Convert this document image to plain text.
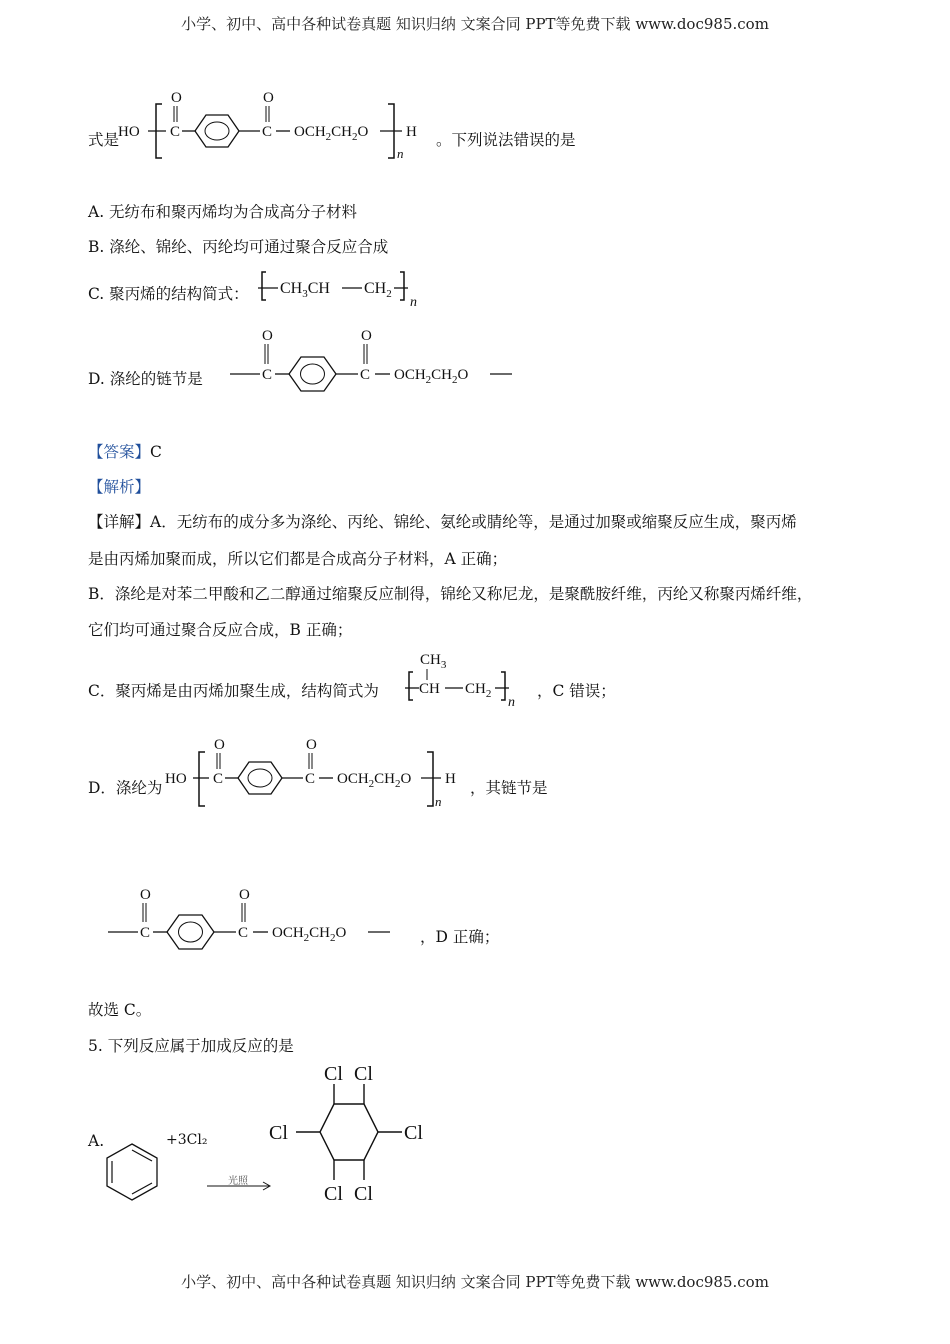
小学、初中、高中各种试卷真题 知识归纳 文案合同 PPT等免费下载 www.doc985.com
式是
HO C
O
C
O
$OCH_2CH_2O$	H
n
。下列说法错误的是
A. 无纺布和聚丙烯均为合成高分子材料
B. 涤纶、锦纶、丙纶均可通过聚合反应合成
C. 聚丙烯的结构简式： $CH_3CH$ $CH_2$
n
D. 涤纶的链节是	C
O
C
O
$OCH_2CH_2O$
【答案】C
【解析】
【详解】A．无纺布的成分多为涤纶、丙纶、锦纶、氨纶或腈纶等，是通过加聚或缩聚反应生成，聚丙烯
是由丙烯加聚而成，所以它们都是合成高分子材料，A 正确；
B．涤纶是对苯二甲酸和乙二醇通过缩聚反应制得，锦纶又称尼龙，是聚酰胺纤维，丙纶又称聚丙烯纤维，
它们均可通过聚合反应合成，B 正确；
C．聚丙烯是由丙烯加聚生成，结构简式为
$CH_3$
CH $CH_2$
n
，C 错误；
D．涤纶为 HO C
O
C
O
$OCH_2CH_2O$ H
n
，其链节是
C
O
C
O
$OCH_2CH_2O$	，D 正确；
故选 C。
5. 下列反应属于加成反应的是
A.	+3Cl₂
光照
Cl Cl
Cl	Cl
Cl Cl
小学、初中、高中各种试卷真题 知识归纳 文案合同 PPT等免费下载 www.doc985.com
